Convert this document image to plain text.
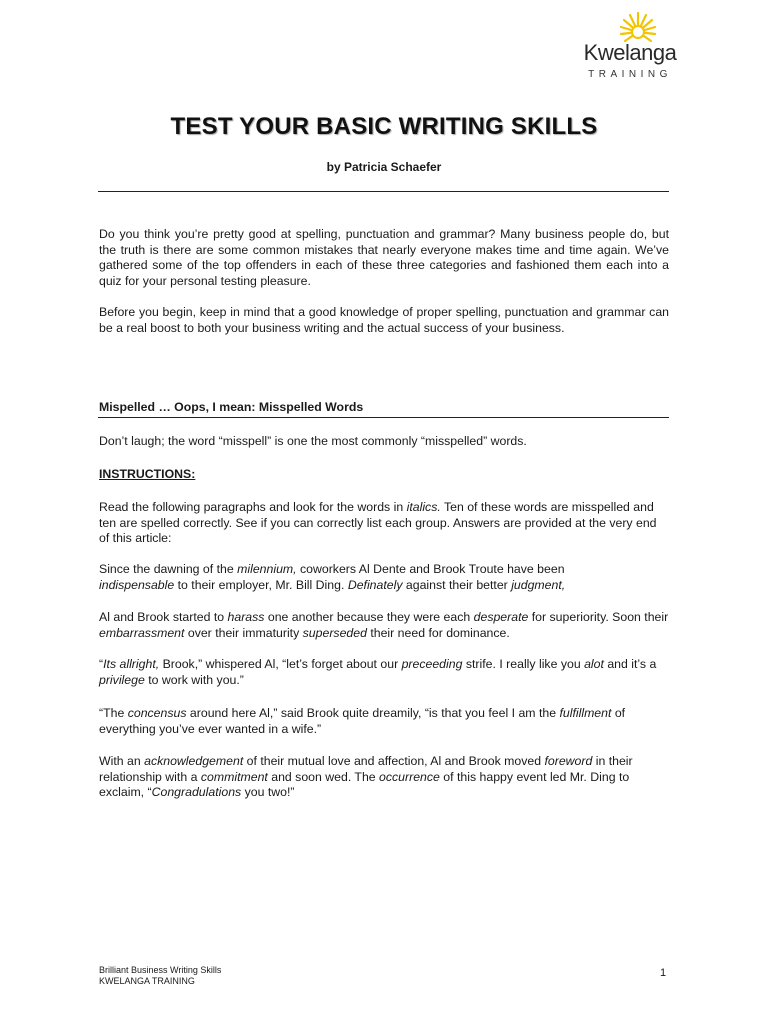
Kwelanga
TRAINING
TEST YOUR BASIC WRITING SKILLS
by Patricia Schaefer

Do you think you’re pretty good at spelling, punctuation and grammar? Many business people do, but the truth is there are some common mistakes that nearly everyone makes time and time again. We’ve gathered some of the top offenders in each of these three categories and fashioned them each into a quiz for your personal testing pleasure.

Before you begin, keep in mind that a good knowledge of proper spelling, punctuation and grammar can be a real boost to both your business writing and the actual success of your business.

Mispelled … Oops, I mean: Misspelled Words

Don’t laugh; the word “misspell” is one the most commonly “misspelled” words.

INSTRUCTIONS:

Read the following paragraphs and look for the words in italics. Ten of these words are misspelled and ten are spelled correctly. See if you can correctly list each group. Answers are provided at the very end of this article:

Since the dawning of the milennium, coworkers Al Dente and Brook Troute have been
indispensable to their employer, Mr. Bill Ding. Definately against their better judgment,

Al and Brook started to harass one another because they were each desperate for superiority. Soon their embarrassment over their immaturity superseded their need for dominance.

“Its allright, Brook,” whispered Al, “let’s forget about our preceeding strife. I really like you alot and it’s a privilege to work with you.”

“The concensus around here Al,” said Brook quite dreamily, “is that you feel I am the fulfillment of everything you’ve ever wanted in a wife.”

With an acknowledgement of their mutual love and affection, Al and Brook moved foreword in their relationship with a commitment and soon wed. The occurrence of this happy event led Mr. Ding to exclaim, “Congradulations you two!”

Brilliant Business Writing Skills
KWELANGA TRAINING
1
